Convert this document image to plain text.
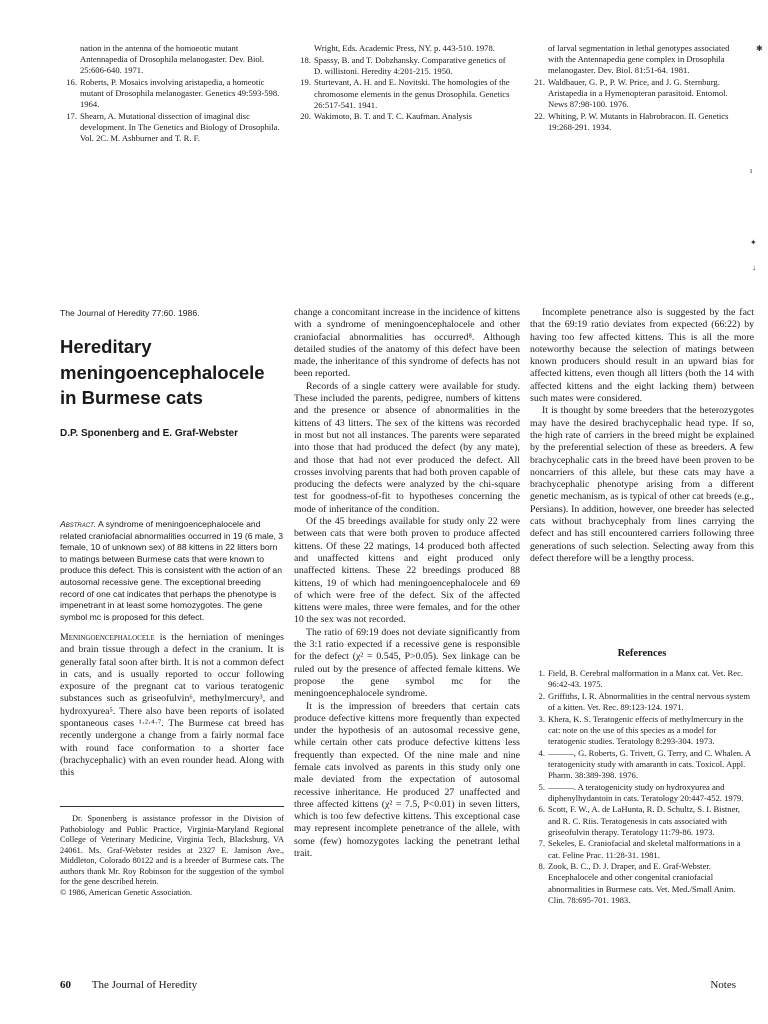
nation in the antenna of the homoeotic mutant Antennapedia of Drosophila melanogaster. Dev. Biol. 25:606-640. 1971.
16. Roberts, P. Mosaics involving aristapedia, a homeotic mutant of Drosophila melanogaster. Genetics 49:593-598. 1964.
17. Shearn, A. Mutational dissection of imaginal disc development. In The Genetics and Biology of Drosophila. Vol. 2C. M. Ashburner and T. R. F.
Wright, Eds. Academic Press, NY. p. 443-510. 1978.
18. Spassy, B. and T. Dobzhansky. Comparative genetics of D. willistoni. Heredity 4:201-215. 1950.
19. Sturtevant, A. H. and E. Novitski. The homologies of the chromosome elements in the genus Drosophila. Genetics 26:517-541. 1941.
20. Wakimoto, B. T. and T. C. Kaufman. Analysis
of larval segmentation in lethal genotypes associated with the Antennapedia gene complex in Drosophila melanogaster. Dev. Biol. 81:51-64. 1981.
21. Waldbauer, G. P., P. W. Price, and J. G. Sternburg. Aristapedia in a Hymenopteran parasitoid. Entomol. News 87:98-100. 1976.
22. Whiting, P. W. Mutants in Habrobracon. II. Genetics 19:268-291. 1934.
The Journal of Heredity 77:60. 1986.
Hereditary
meningoencephalocele
in Burmese cats
D.P. Sponenberg and E. Graf-Webster
Abstract. A syndrome of meningoencephalocele and related craniofacial abnormalities occurred in 19 (6 male, 3 female, 10 of unknown sex) of 88 kittens in 22 litters born to matings between Burmese cats that were known to produce this defect. This is consistent with the action of an autosomal recessive gene. The exceptional breeding record of one cat indicates that perhaps the phenotype is impenetrant in at least some homozygotes. The gene symbol mc is proposed for this defect.
Meningoencephalocele is the herniation of meninges and brain tissue through a defect in the cranium. It is generally fatal soon after birth. It is not a common defect in cats, and is usually reported to occur following exposure of the pregnant cat to various teratogenic substances such as griseofulvin⁶, methylmercury³, and hydroxyurea⁵. There also have been reports of isolated spontaneous cases ¹·²·⁴·⁷. The Burmese cat breed has recently undergone a change from a fairly normal face with round face conformation to a shorter face (brachycephalic) with an even rounder head. Along with this

Dr. Sponenberg is assistance professor in the Division of Pathobiology and Public Practice, Virginia-Maryland Regional College of Veterinary Medicine, Virginia Tech, Blacksburg, VA 24061. Ms. Graf-Webster resides at 2327 E. Jamison Ave., Middleton, Colorado 80122 and is a breeder of Burmese cats. The authors thank Mr. Roy Robinson for the suggestion of the symbol for the gene described herein.

© 1986, American Genetic Association.

change a concomitant increase in the incidence of kittens with a syndrome of meningoencephalocele and other craniofacial abnormalities has occurred⁸. Although detailed studies of the anatomy of this defect have been made, the inheritance of this syndrome of defects has not been reported.

Records of a single cattery were available for study. These included the parents, pedigree, numbers of kittens and the presence or absence of abnormalities in the kittens of 43 litters. The sex of the kittens was recorded in most but not all instances. The parents were separated into those that had produced the defect (by any mate), and those that had not ever produced the defect. All crosses involving parents that had both proven capable of producing the defects were analyzed by the chi-square test for goodness-of-fit to hypotheses concerning the mode of inheritance of the condition.

Of the 45 breedings available for study only 22 were between cats that were both proven to produce affected kittens. Of these 22 matings, 14 produced both affected and unaffected kittens and eight produced only unaffected kittens. These 22 breedings produced 88 kittens, 19 of which had meningoencephalocele and 69 of which were free of the defect. Six of the affected kittens were males, three were females, and for the other 10 the sex was not recorded.

The ratio of 69:19 does not deviate significantly from the 3:1 ratio expected if a recessive gene is responsible for the defect (χ² = 0.545, P>0.05). Sex linkage can be ruled out by the presence of affected female kittens. We propose the gene symbol mc for the meningoencephalocele syndrome.

It is the impression of breeders that certain cats produce defective kittens more frequently than expected under the hypothesis of an autosomal recessive gene, while certain other cats produce defective kittens less frequently than expected. Of the nine male and nine female cats involved as parents in this study only one male deviated from the expectation of autosomal recessive inheritance. He produced 27 unaffected and three affected kittens (χ² = 7.5, P<0.01) in seven litters, which is too few defective kittens. This exceptional case may represent incomplete penetrance of the allele, with some (few) homozygotes lacking the penetrant lethal trait.

Incomplete penetrance also is suggested by the fact that the 69:19 ratio deviates from expected (66:22) by having too few affected kittens. This is all the more noteworthy because the selection of matings between known producers should result in an upward bias for affected kittens, even though all litters (both the 14 with affected kittens and the eight lacking them) between such mates were considered.

It is thought by some breeders that the heterozygotes may have the desired brachycephalic head type. If so, the high rate of carriers in the breed might be explained by the preferential selection of these as breeders. A few brachycephalic cats in the breed have been proven to be noncarriers of this allele, but these cats may have a brachycephalic phenotype arising from a different genetic mechanism, as is typical of other cat breeds (e.g., Persians). In addition, however, one breeder has selected cats without brachycephaly from lines carrying the defect and has still encountered carriers following three generations of such selection. Selecting away from this defect therefore will be a lengthy process.

References
1. Field, B. Cerebral malformation in a Manx cat. Vet. Rec. 96:42-43. 1975.
2. Griffiths, I. R. Abnormalities in the central nervous system of a kitten. Vet. Rec. 89:123-124. 1971.
3. Khera, K. S. Teratogenic effects of methylmercury in the cat: note on the use of this species as a model for teratogenic studies. Teratology 8:293-304. 1973.
4. ———, G. Roberts, G. Trivett, G. Terry, and C. Whalen. A teratogenicity study with amaranth in cats. Toxicol. Appl. Pharm. 38:389-398. 1976.
5. ———. A teratogenicity study on hydroxyurea and diphenylhydantoin in cats. Teratology 20:447-452. 1979.
6. Scott, F. W., A. de LaHunta, R. D. Schultz, S. I. Bistner, and R. C. Riis. Teratogenesis in cats associated with griseofulvin therapy. Teratology 11:79-86. 1973.
7. Sekeles, E. Craniofacial and skeletal malformations in a cat. Feline Prac. 11:28-31. 1981.
8. Zook, B. C., D. J. Draper, and E. Graf-Webster. Encephalocele and other congenital craniofacial abnormalities in Burmese cats. Vet. Med./Small Anim. Clin. 78:695-701. 1983.
60 The Journal of Heredity	Notes
✱
ı
✦
↓
